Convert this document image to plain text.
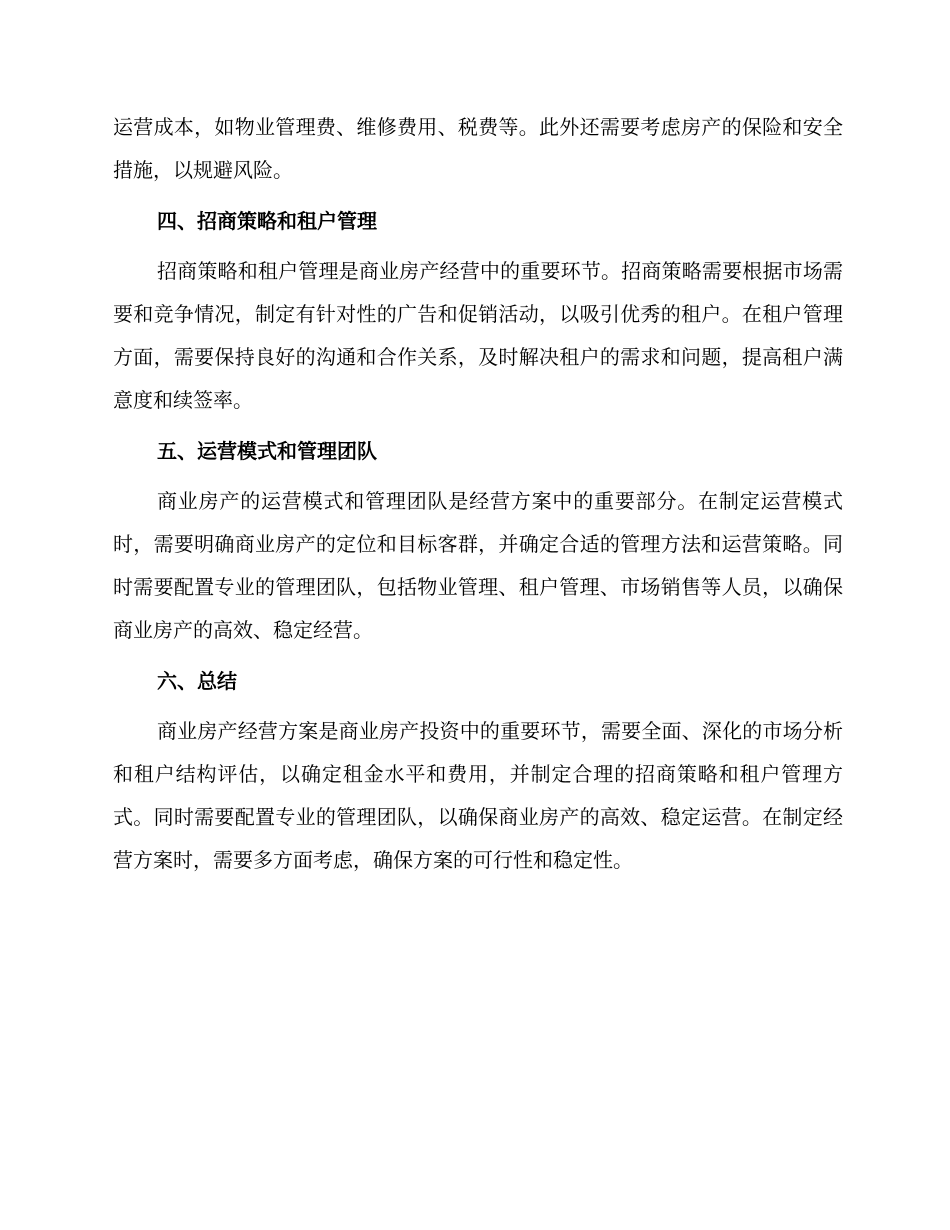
运营成本，如物业管理费、维修费用、税费等。此外还需要考虑房产的保险和安全措施，以规避风险。

四、招商策略和租户管理

招商策略和租户管理是商业房产经营中的重要环节。招商策略需要根据市场需要和竞争情况，制定有针对性的广告和促销活动，以吸引优秀的租户。在租户管理方面，需要保持良好的沟通和合作关系，及时解决租户的需求和问题，提高租户满意度和续签率。

五、运营模式和管理团队

商业房产的运营模式和管理团队是经营方案中的重要部分。在制定运营模式时，需要明确商业房产的定位和目标客群，并确定合适的管理方法和运营策略。同时需要配置专业的管理团队，包括物业管理、租户管理、市场销售等人员，以确保商业房产的高效、稳定经营。

六、总结

商业房产经营方案是商业房产投资中的重要环节，需要全面、深化的市场分析和租户结构评估，以确定租金水平和费用，并制定合理的招商策略和租户管理方式。同时需要配置专业的管理团队，以确保商业房产的高效、稳定运营。在制定经营方案时，需要多方面考虑，确保方案的可行性和稳定性。
